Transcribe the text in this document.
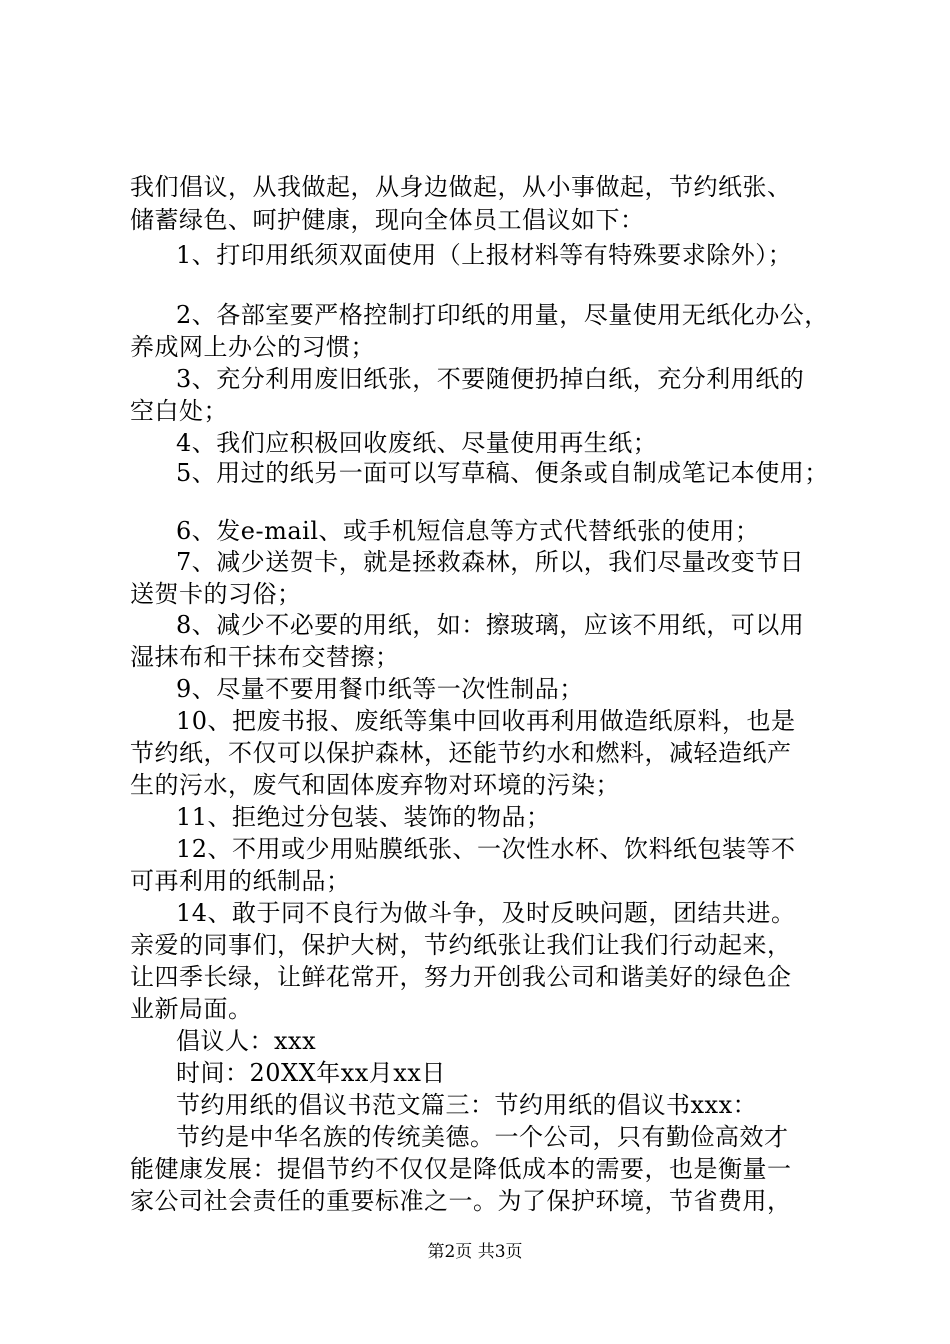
我们倡议，从我做起，从身边做起，从小事做起，节约纸张、
储蓄绿色、呵护健康，现向全体员工倡议如下：
1、打印用纸须双面使用（上报材料等有特殊要求除外）；
2、各部室要严格控制打印纸的用量，尽量使用无纸化办公，
养成网上办公的习惯；
3、充分利用废旧纸张，不要随便扔掉白纸，充分利用纸的
空白处；
4、我们应积极回收废纸、尽量使用再生纸；
5、用过的纸另一面可以写草稿、便条或自制成笔记本使用；
6、发e-mail、或手机短信息等方式代替纸张的使用；
7、减少送贺卡，就是拯救森林，所以，我们尽量改变节日
送贺卡的习俗；
8、减少不必要的用纸，如：擦玻璃，应该不用纸，可以用
湿抹布和干抹布交替擦；
9、尽量不要用餐巾纸等一次性制品；
10、把废书报、废纸等集中回收再利用做造纸原料，也是
节约纸，不仅可以保护森林，还能节约水和燃料，减轻造纸产
生的污水，废气和固体废弃物对环境的污染；
11、拒绝过分包装、装饰的物品；
12、不用或少用贴膜纸张、一次性水杯、饮料纸包装等不
可再利用的纸制品；
14、敢于同不良行为做斗争，及时反映问题，团结共进。
亲爱的同事们，保护大树，节约纸张让我们让我们行动起来，
让四季长绿，让鲜花常开，努力开创我公司和谐美好的绿色企
业新局面。
倡议人：xxx
时间：20XX年xx月xx日
节约用纸的倡议书范文篇三：节约用纸的倡议书xxx：
节约是中华名族的传统美德。一个公司，只有勤俭高效才
能健康发展：提倡节约不仅仅是降低成本的需要，也是衡量一
家公司社会责任的重要标准之一。为了保护环境，节省费用，
第2页 共3页
